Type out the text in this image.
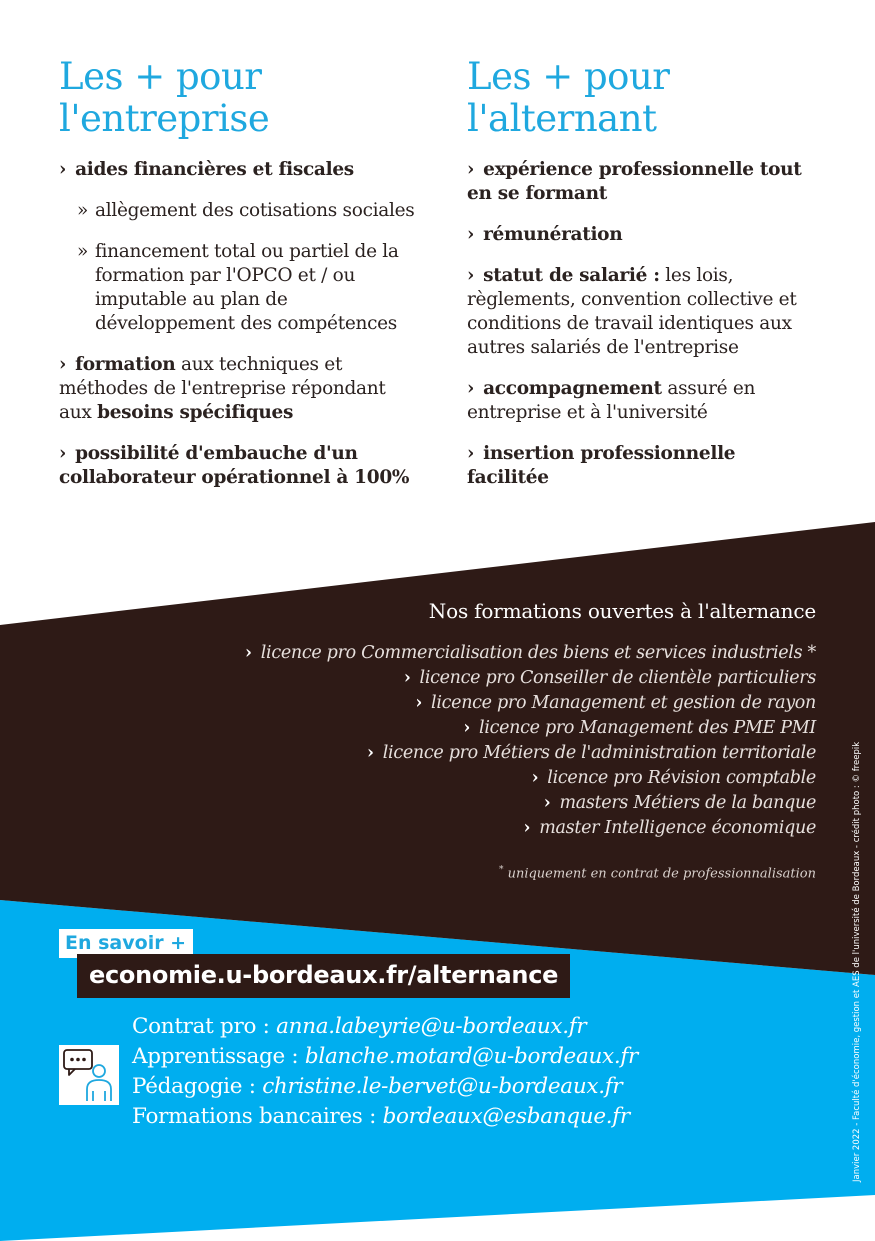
Les + pour
l'entreprise
› aides financières et fiscales
» allègement des cotisations sociales
» financement total ou partiel de la formation par l'OPCO et / ou imputable au plan de développement des compétences
› formation aux techniques et méthodes de l'entreprise répondant aux besoins spécifiques
› possibilité d'embauche d'un collaborateur opérationnel à 100%
Les + pour
l'alternant
› expérience professionnelle tout en se formant
› rémunération
› statut de salarié : les lois, règlements, convention collective et conditions de travail identiques aux autres salariés de l'entreprise
› accompagnement assuré en entreprise et à l'université
› insertion professionnelle facilitée
Nos formations ouvertes à l'alternance
› licence pro Commercialisation des biens et services industriels *
› licence pro Conseiller de clientèle particuliers
› licence pro Management et gestion de rayon
› licence pro Management des PME PMI
› licence pro Métiers de l'administration territoriale
› licence pro Révision comptable
› masters Métiers de la banque
› master Intelligence économique
* uniquement en contrat de professionnalisation
En savoir +
economie.u-bordeaux.fr/alternance
Contrat pro : anna.labeyrie@u-bordeaux.fr
Apprentissage : blanche.motard@u-bordeaux.fr
Pédagogie : christine.le-bervet@u-bordeaux.fr
Formations bancaires : bordeaux@esbanque.fr	Janvier 2022 - Faculté d'économie, gestion et AES de l'université de Bordeaux - crédit photo : © freepik
